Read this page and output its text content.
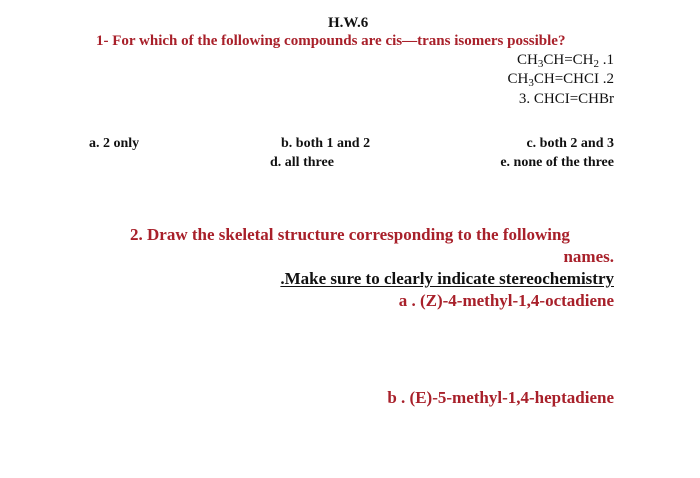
H.W.6
1- For which of the following compounds are cis—trans isomers possible?
$CH_3CH=CH_2$ .1
$CH_3CH=CHCI$ .2
3. CHCI=CHBr
a. 2 only	b. both 1 and 2	c. both 2 and 3
d. all three	e. none of the three
2. Draw the skeletal structure corresponding to the following
names.
.Make sure to clearly indicate stereochemistry
a . (Z)-4-methyl-1,4-octadiene
b . (E)-5-methyl-1,4-heptadiene
